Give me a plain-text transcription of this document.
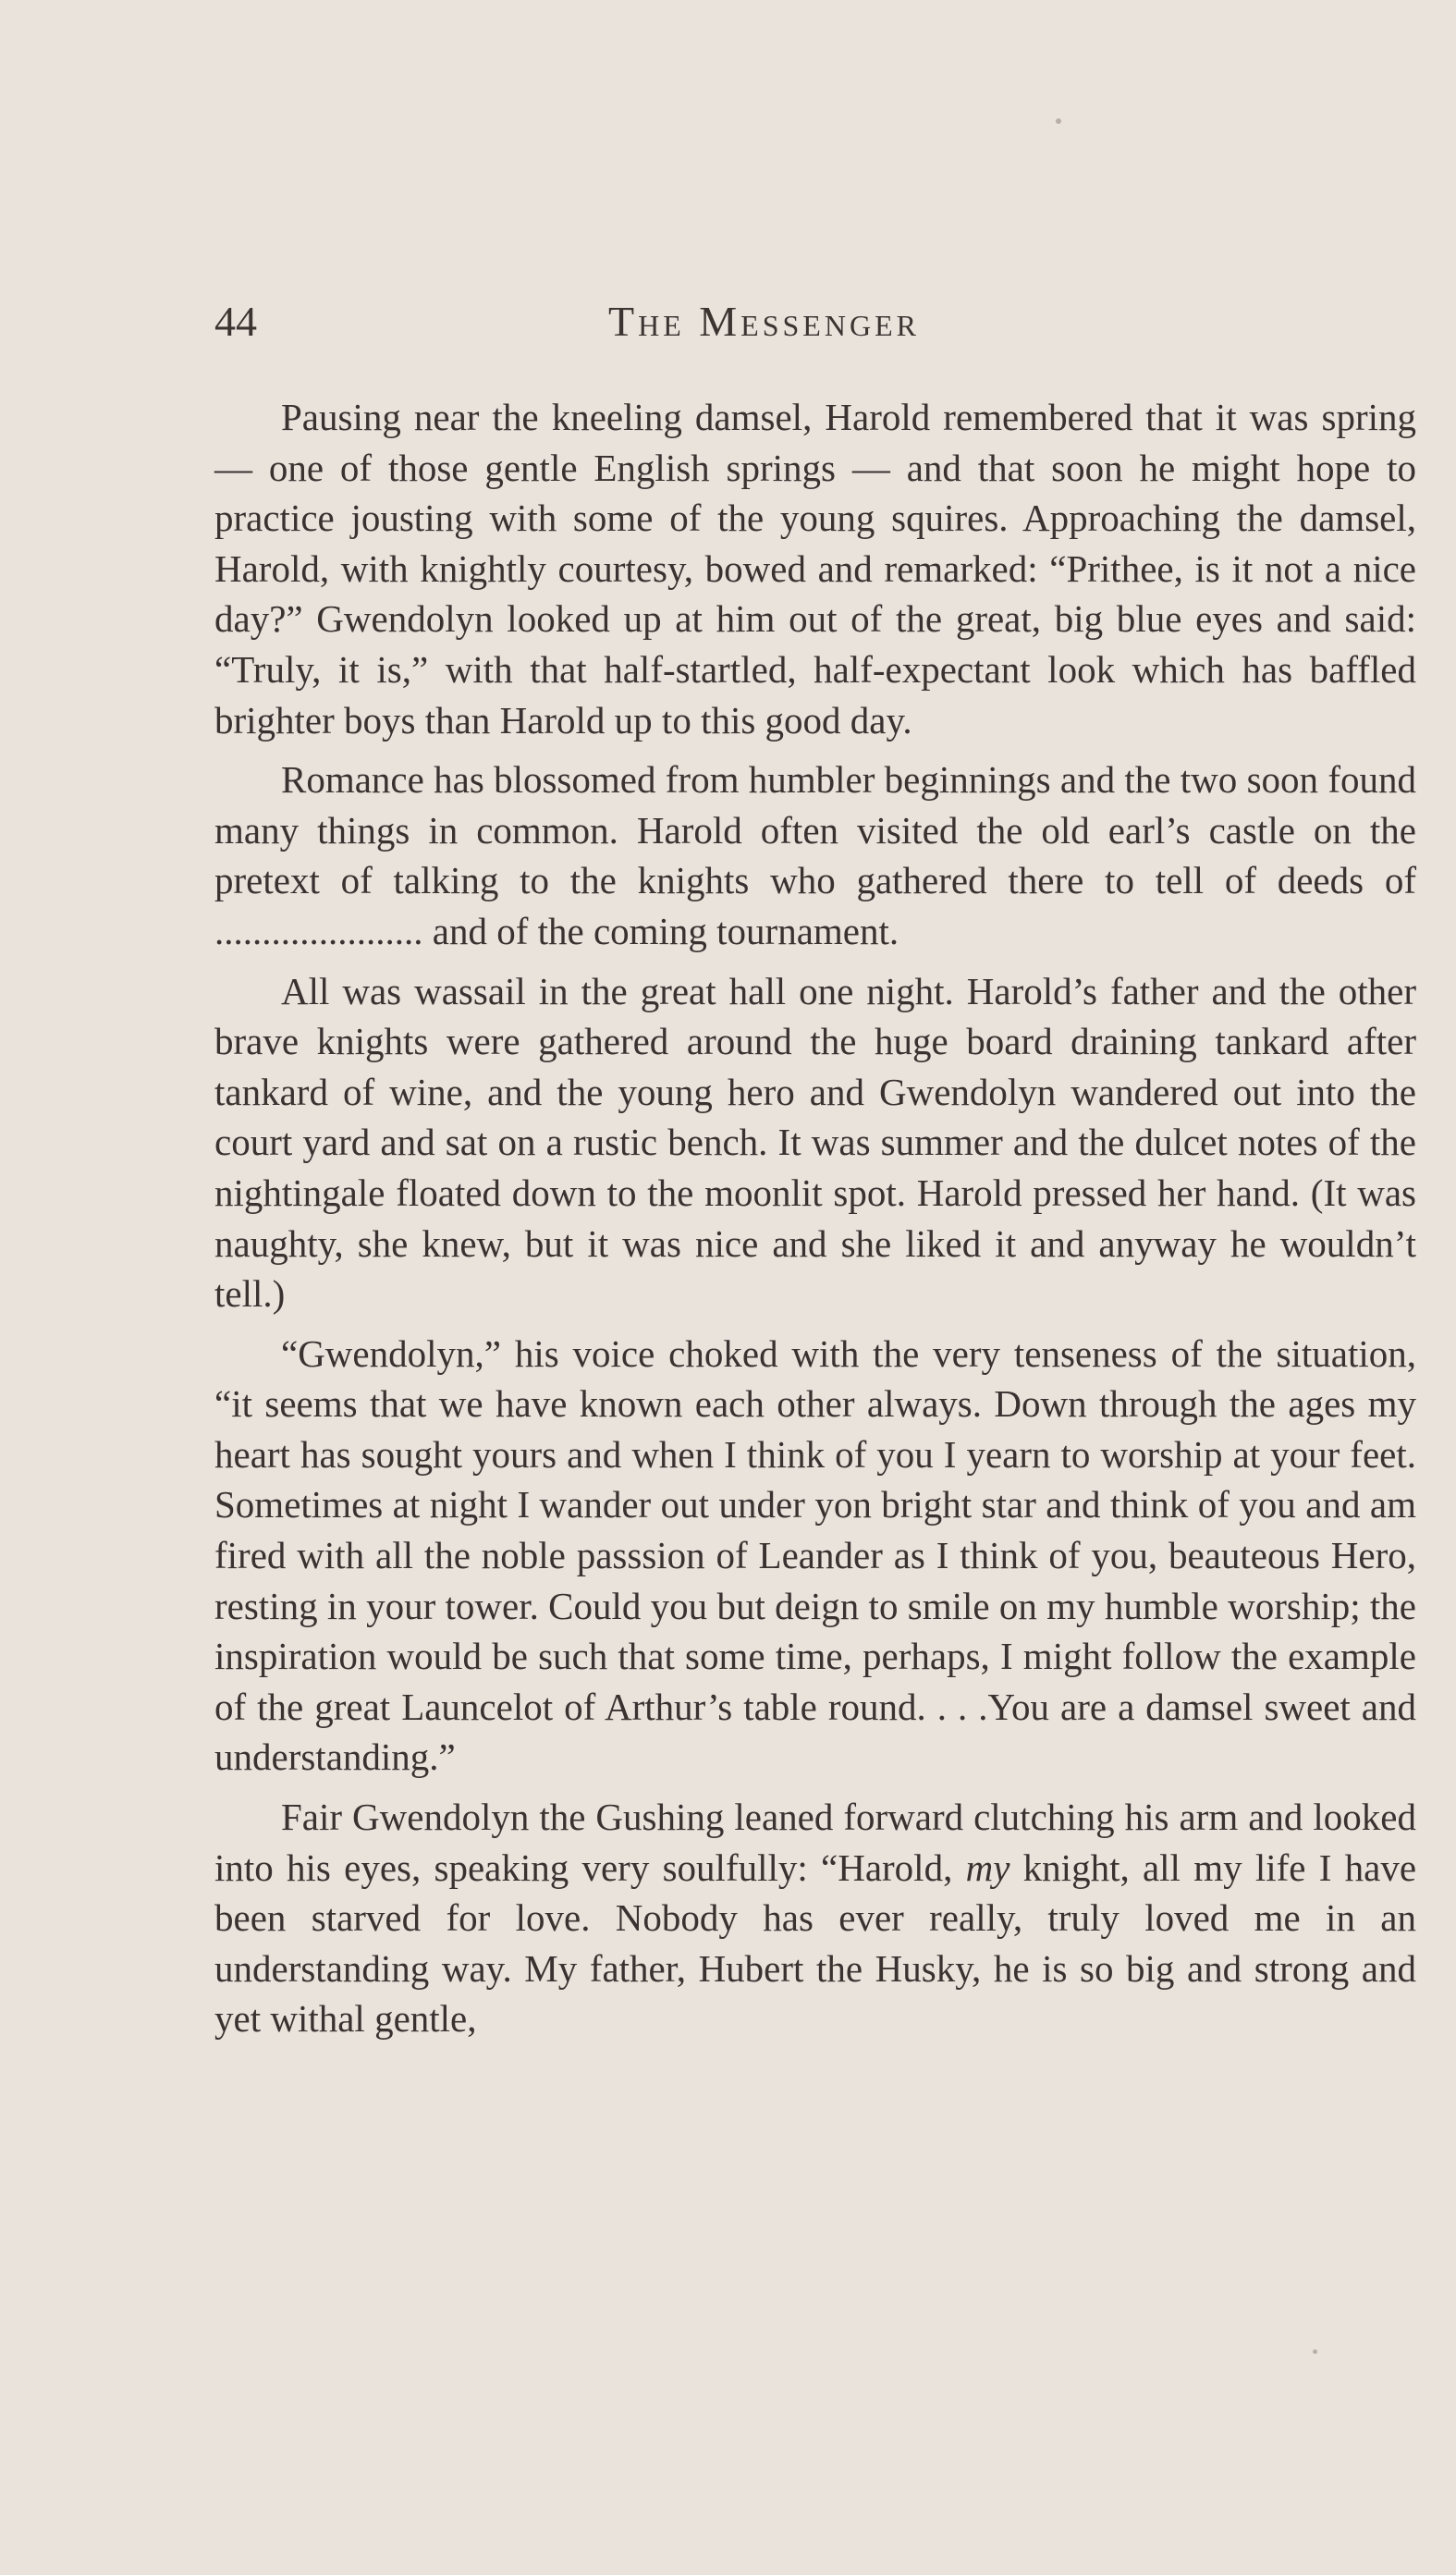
44	The Messenger

Pausing near the kneeling damsel, Harold remembered that it was spring — one of those gentle English springs — and that soon he might hope to practice jousting with some of the young squires. Approaching the damsel, Harold, with knightly courtesy, bowed and remarked: “Prithee, is it not a nice day?” Gwendolyn looked up at him out of the great, big blue eyes and said: “Truly, it is,” with that half-startled, half-expectant look which has baffled brighter boys than Harold up to this good day.

Romance has blossomed from humbler beginnings and the two soon found many things in common. Harold often visited the old earl’s castle on the pretext of talking to the knights who gathered there to tell of deeds of ...................... and of the coming tournament.

All was wassail in the great hall one night. Harold’s father and the other brave knights were gathered around the huge board draining tankard after tankard of wine, and the young hero and Gwendolyn wandered out into the court yard and sat on a rustic bench. It was summer and the dulcet notes of the nightingale floated down to the moonlit spot. Harold pressed her hand. (It was naughty, she knew, but it was nice and she liked it and anyway he wouldn’t tell.)

“Gwendolyn,” his voice choked with the very tenseness of the situation, “it seems that we have known each other always. Down through the ages my heart has sought yours and when I think of you I yearn to worship at your feet. Sometimes at night I wander out under yon bright star and think of you and am fired with all the noble passsion of Leander as I think of you, beauteous Hero, resting in your tower. Could you but deign to smile on my humble worship; the inspiration would be such that some time, perhaps, I might follow the example of the great Launcelot of Arthur’s table round. . . .You are a damsel sweet and understanding.”

Fair Gwendolyn the Gushing leaned forward clutching his arm and looked into his eyes, speaking very soulfully: “Harold, my knight, all my life I have been starved for love. Nobody has ever really, truly loved me in an understanding way. My father, Hubert the Husky, he is so big and strong and yet withal gentle,
